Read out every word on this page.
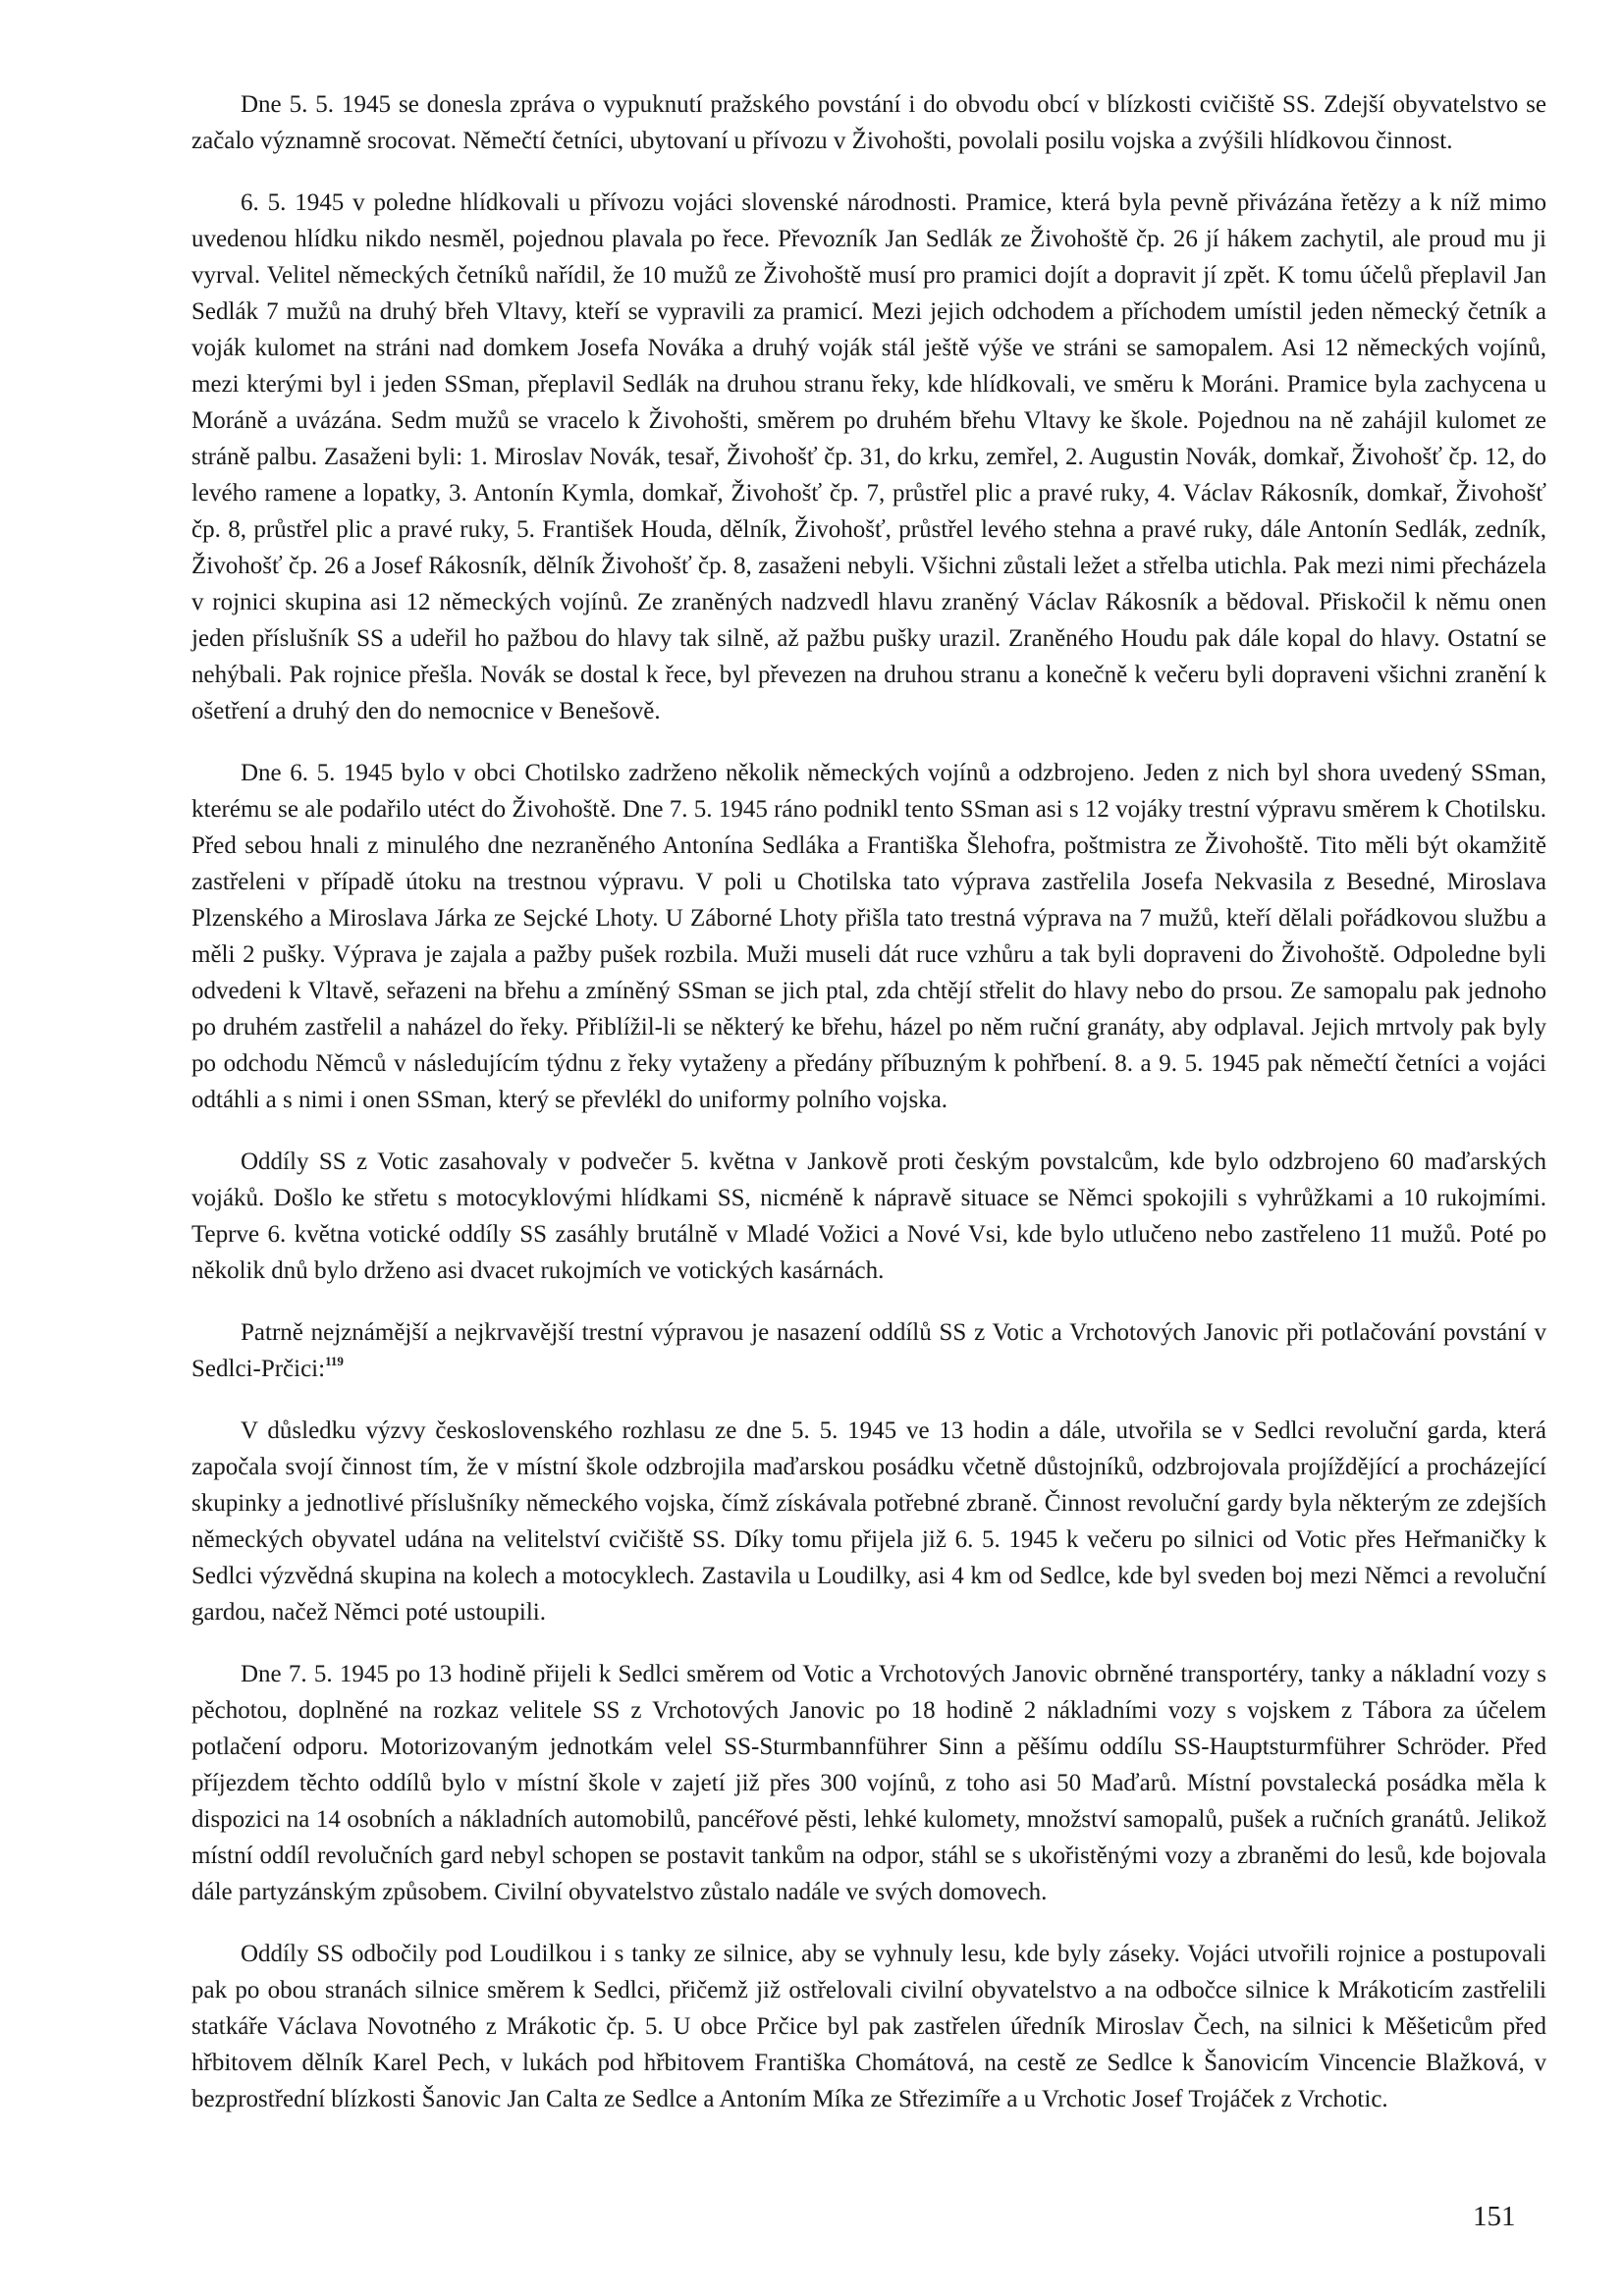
Dne 5. 5. 1945 se donesla zpráva o vypuknutí pražského povstání i do obvodu obcí v blízkosti cvičiště SS. Zdejší obyvatelstvo se začalo významně srocovat. Němečtí četníci, ubytovaní u přívozu v Živohošti, povolali posilu vojska a zvýšili hlídkovou činnost.

6. 5. 1945 v poledne hlídkovali u přívozu vojáci slovenské národnosti. Pramice, která byla pevně přivázána řetězy a k níž mimo uvedenou hlídku nikdo nesměl, pojednou plavala po řece. Převozník Jan Sedlák ze Živohoště čp. 26 jí hákem zachytil, ale proud mu ji vyrval. Velitel německých četníků nařídil, že 10 mužů ze Živohoště musí pro pramici dojít a dopravit jí zpět. K tomu účelů přeplavil Jan Sedlák 7 mužů na druhý břeh Vltavy, kteří se vypravili za pramicí. Mezi jejich odchodem a příchodem umístil jeden německý četník a voják kulomet na stráni nad domkem Josefa Nováka a druhý voják stál ještě výše ve stráni se samopalem. Asi 12 německých vojínů, mezi kterými byl i jeden SSman, přeplavil Sedlák na druhou stranu řeky, kde hlídkovali, ve směru k Moráni. Pramice byla zachycena u Moráně a uvázána. Sedm mužů se vracelo k Živohošti, směrem po druhém břehu Vltavy ke škole. Pojednou na ně zahájil kulomet ze stráně palbu. Zasaženi byli: 1. Miroslav Novák, tesař, Živohošť čp. 31, do krku, zemřel, 2. Augustin Novák, domkař, Živohošť čp. 12, do levého ramene a lopatky, 3. Antonín Kymla, domkař, Živohošť čp. 7, průstřel plic a pravé ruky, 4. Václav Rákosník, domkař, Živohošť čp. 8, průstřel plic a pravé ruky, 5. František Houda, dělník, Živohošť, průstřel levého stehna a pravé ruky, dále Antonín Sedlák, zedník, Živohošť čp. 26 a Josef Rákosník, dělník Živohošť čp. 8, zasaženi nebyli. Všichni zůstali ležet a střelba utichla. Pak mezi nimi přecházela v rojnici skupina asi 12 německých vojínů. Ze zraněných nadzvedl hlavu zraněný Václav Rákosník a bědoval. Přiskočil k němu onen jeden příslušník SS a udeřil ho pažbou do hlavy tak silně, až pažbu pušky urazil. Zraněného Houdu pak dále kopal do hlavy. Ostatní se nehýbali. Pak rojnice přešla. Novák se dostal k řece, byl převezen na druhou stranu a konečně k večeru byli dopraveni všichni zranění k ošetření a druhý den do nemocnice v Benešově.

Dne 6. 5. 1945 bylo v obci Chotilsko zadrženo několik německých vojínů a odzbrojeno. Jeden z nich byl shora uvedený SSman, kterému se ale podařilo utéct do Živohoště. Dne 7. 5. 1945 ráno podnikl tento SSman asi s 12 vojáky trestní výpravu směrem k Chotilsku. Před sebou hnali z minulého dne nezraněného Antonína Sedláka a Františka Šlehofra, poštmistra ze Živohoště. Tito měli být okamžitě zastřeleni v případě útoku na trestnou výpravu. V poli u Chotilska tato výprava zastřelila Josefa Nekvasila z Besedné, Miroslava Plzenského a Miroslava Járka ze Sejcké Lhoty. U Záborné Lhoty přišla tato trestná výprava na 7 mužů, kteří dělali pořádkovou službu a měli 2 pušky. Výprava je zajala a pažby pušek rozbila. Muži museli dát ruce vzhůru a tak byli dopraveni do Živohoště. Odpoledne byli odvedeni k Vltavě, seřazeni na břehu a zmíněný SSman se jich ptal, zda chtějí střelit do hlavy nebo do prsou. Ze samopalu pak jednoho po druhém zastřelil a naházel do řeky. Přiblížil-li se některý ke břehu, házel po něm ruční granáty, aby odplaval. Jejich mrtvoly pak byly po odchodu Němců v následujícím týdnu z řeky vytaženy a předány příbuzným k pohřbení. 8. a 9. 5. 1945 pak němečtí četníci a vojáci odtáhli a s nimi i onen SSman, který se převlékl do uniformy polního vojska.

Oddíly SS z Votic zasahovaly v podvečer 5. května v Jankově proti českým povstalcům, kde bylo odzbrojeno 60 maďarských vojáků. Došlo ke střetu s motocyklovými hlídkami SS, nicméně k nápravě situace se Němci spokojili s vyhrůžkami a 10 rukojmími. Teprve 6. května votické oddíly SS zasáhly brutálně v Mladé Vožici a Nové Vsi, kde bylo utlučeno nebo zastřeleno 11 mužů. Poté po několik dnů bylo drženo asi dvacet rukojmích ve votických kasárnách.

Patrně nejznámější a nejkrvavější trestní výpravou je nasazení oddílů SS z Votic a Vrchotových Janovic při potlačování povstání v Sedlci-Prčici:$^{119}$

V důsledku výzvy československého rozhlasu ze dne 5. 5. 1945 ve 13 hodin a dále, utvořila se v Sedlci revoluční garda, která započala svojí činnost tím, že v místní škole odzbrojila maďarskou posádku včetně důstojníků, odzbrojovala projíždějící a procházející skupinky a jednotlivé příslušníky německého vojska, čímž získávala potřebné zbraně. Činnost revoluční gardy byla některým ze zdejších německých obyvatel udána na velitelství cvičiště SS. Díky tomu přijela již 6. 5. 1945 k večeru po silnici od Votic přes Heřmaničky k Sedlci výzvědná skupina na kolech a motocyklech. Zastavila u Loudilky, asi 4 km od Sedlce, kde byl sveden boj mezi Němci a revoluční gardou, načež Němci poté ustoupili.

Dne 7. 5. 1945 po 13 hodině přijeli k Sedlci směrem od Votic a Vrchotových Janovic obrněné transportéry, tanky a nákladní vozy s pěchotou, doplněné na rozkaz velitele SS z Vrchotových Janovic po 18 hodině 2 nákladními vozy s vojskem z Tábora za účelem potlačení odporu. Motorizovaným jednotkám velel SS-Sturmbannführer Sinn a pěšímu oddílu SS-Hauptsturmführer Schröder. Před příjezdem těchto oddílů bylo v místní škole v zajetí již přes 300 vojínů, z toho asi 50 Maďarů. Místní povstalecká posádka měla k dispozici na 14 osobních a nákladních automobilů, pancéřové pěsti, lehké kulomety, množství samopalů, pušek a ručních granátů. Jelikož místní oddíl revolučních gard nebyl schopen se postavit tankům na odpor, stáhl se s ukořistěnými vozy a zbraněmi do lesů, kde bojovala dále partyzánským způsobem. Civilní obyvatelstvo zůstalo nadále ve svých domovech.

Oddíly SS odbočily pod Loudilkou i s tanky ze silnice, aby se vyhnuly lesu, kde byly záseky. Vojáci utvořili rojnice a postupovali pak po obou stranách silnice směrem k Sedlci, přičemž již ostřelovali civilní obyvatelstvo a na odbočce silnice k Mrákoticím zastřelili statkáře Václava Novotného z Mrákotic čp. 5. U obce Prčice byl pak zastřelen úředník Miroslav Čech, na silnici k Měšeticům před hřbitovem dělník Karel Pech, v lukách pod hřbitovem Františka Chomátová, na cestě ze Sedlce k Šanovicím Vincencie Blažková, v bezprostřední blízkosti Šanovic Jan Calta ze Sedlce a Antoním Míka ze Střezimíře a u Vrchotic Josef Trojáček z Vrchotic.

151
